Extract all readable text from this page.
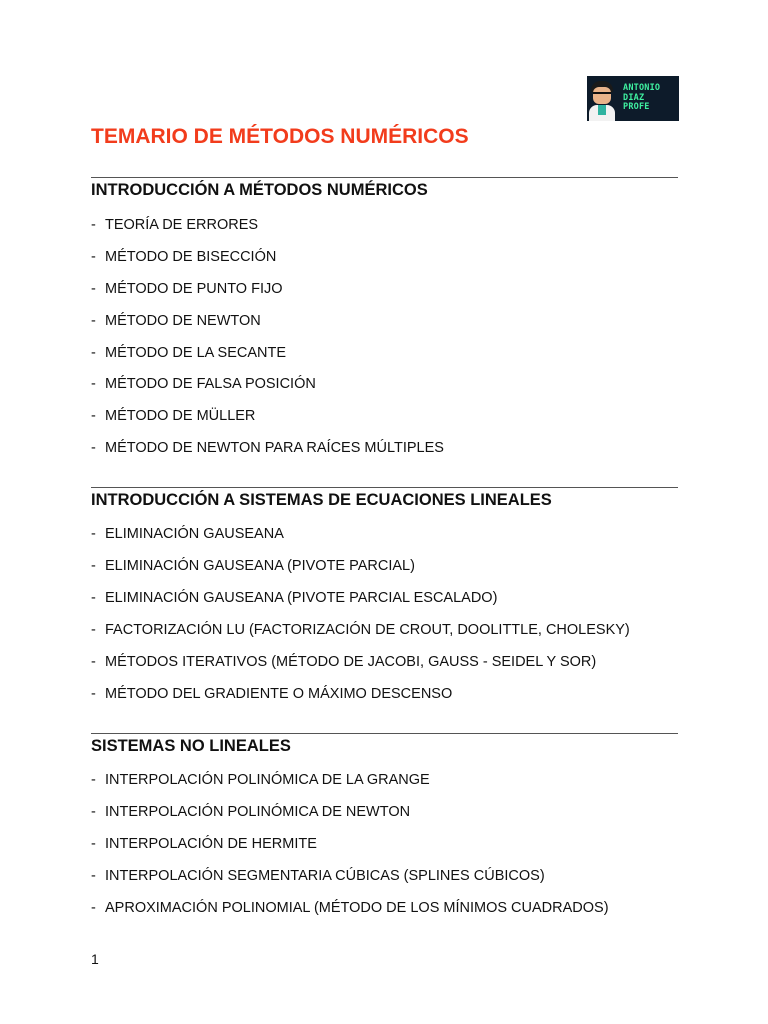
ANTONIO
DIAZ
PROFE
TEMARIO DE MÉTODOS NUMÉRICOS
INTRODUCCIÓN A MÉTODOS NUMÉRICOS
- TEORÍA DE ERRORES
- MÉTODO DE BISECCIÓN
- MÉTODO DE PUNTO FIJO
- MÉTODO DE NEWTON
- MÉTODO DE LA SECANTE
- MÉTODO DE FALSA POSICIÓN
- MÉTODO DE MÜLLER
- MÉTODO DE NEWTON PARA RAÍCES MÚLTIPLES
INTRODUCCIÓN A SISTEMAS DE ECUACIONES LINEALES
- ELIMINACIÓN GAUSEANA
- ELIMINACIÓN GAUSEANA (PIVOTE PARCIAL)
- ELIMINACIÓN GAUSEANA (PIVOTE PARCIAL ESCALADO)
- FACTORIZACIÓN LU (FACTORIZACIÓN DE CROUT, DOOLITTLE, CHOLESKY)
- MÉTODOS ITERATIVOS (MÉTODO DE JACOBI, GAUSS - SEIDEL Y SOR)
- MÉTODO DEL GRADIENTE O MÁXIMO DESCENSO
SISTEMAS NO LINEALES
- INTERPOLACIÓN POLINÓMICA DE LA GRANGE
- INTERPOLACIÓN POLINÓMICA DE NEWTON
- INTERPOLACIÓN DE HERMITE
- INTERPOLACIÓN SEGMENTARIA CÚBICAS (SPLINES CÚBICOS)
- APROXIMACIÓN POLINOMIAL (MÉTODO DE LOS MÍNIMOS CUADRADOS)
1
